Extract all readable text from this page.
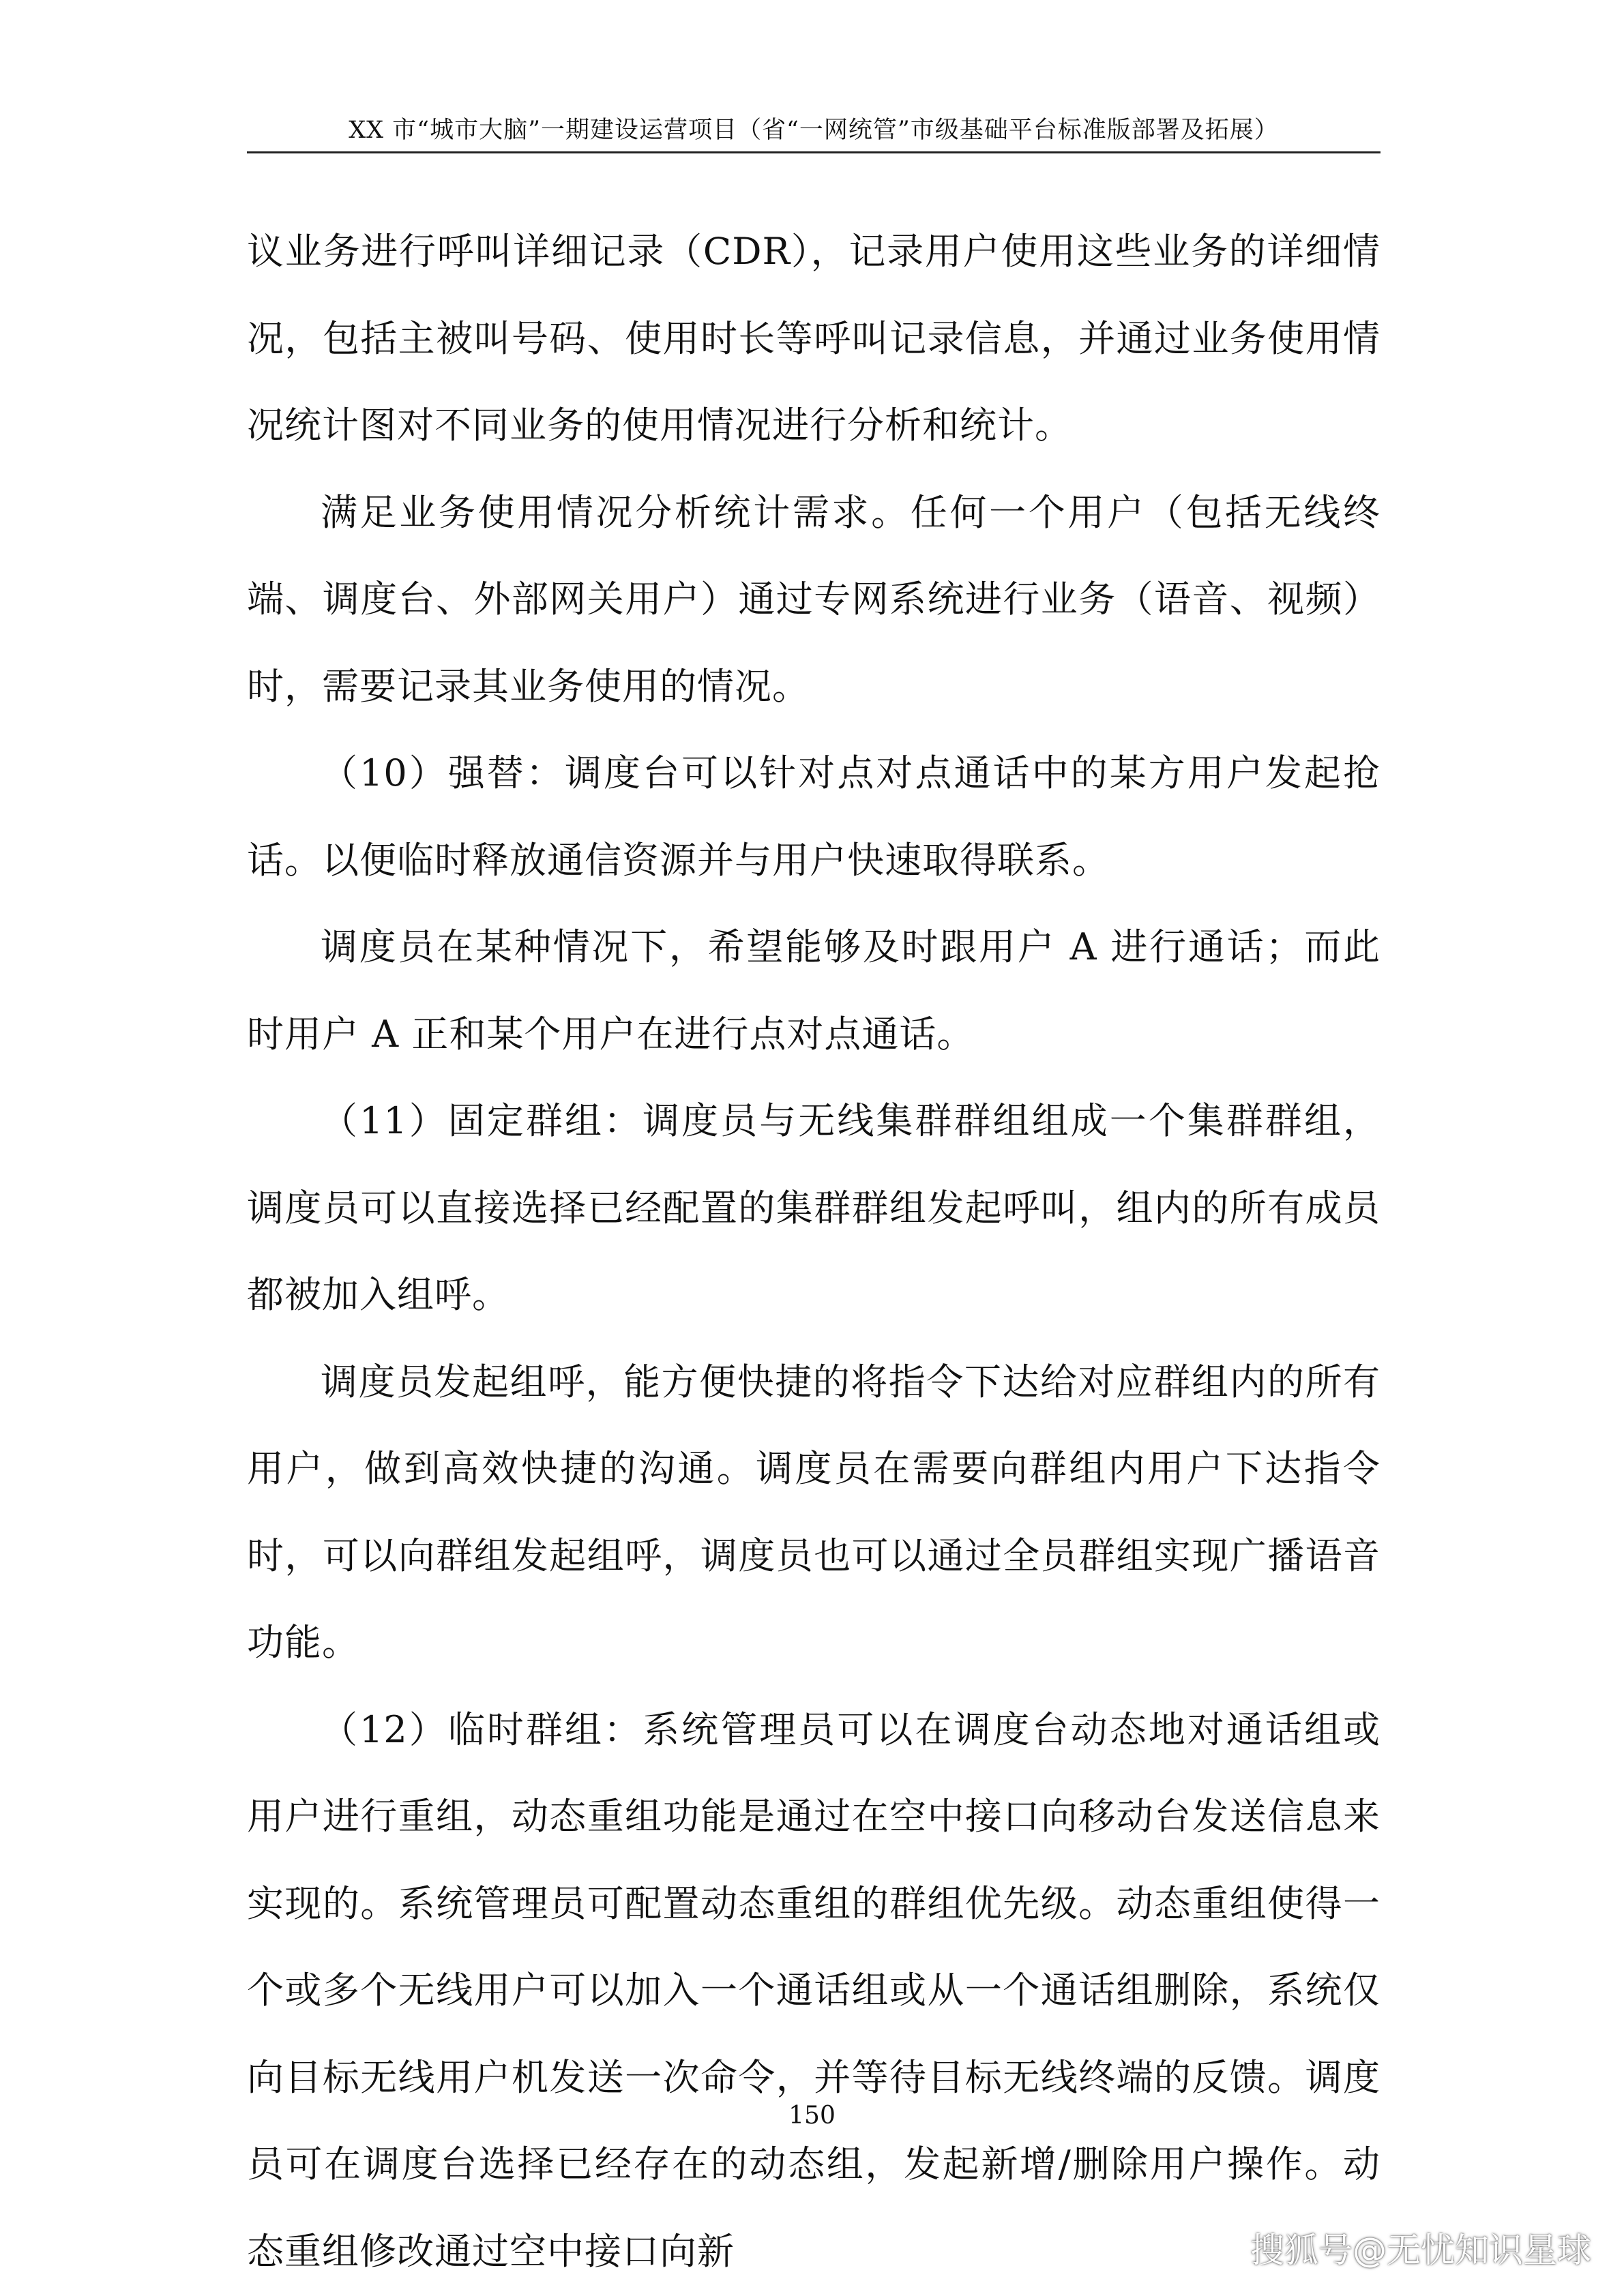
XX 市“城市大脑”一期建设运营项目（省“一网统管”市级基础平台标准版部署及拓展）

议业务进行呼叫详细记录（CDR），记录用户使用这些业务的详细情况，包括主被叫号码、使用时长等呼叫记录信息，并通过业务使用情况统计图对不同业务的使用情况进行分析和统计。

满足业务使用情况分析统计需求。任何一个用户（包括无线终端、调度台、外部网关用户）通过专网系统进行业务（语音、视频）时，需要记录其业务使用的情况。

（10）强替：调度台可以针对点对点通话中的某方用户发起抢话。以便临时释放通信资源并与用户快速取得联系。

调度员在某种情况下，希望能够及时跟用户 A 进行通话；而此时用户 A 正和某个用户在进行点对点通话。

（11）固定群组：调度员与无线集群群组组成一个集群群组，调度员可以直接选择已经配置的集群群组发起呼叫，组内的所有成员都被加入组呼。

调度员发起组呼，能方便快捷的将指令下达给对应群组内的所有用户，做到高效快捷的沟通。调度员在需要向群组内用户下达指令时，可以向群组发起组呼，调度员也可以通过全员群组实现广播语音功能。

（12）临时群组：系统管理员可以在调度台动态地对通话组或用户进行重组，动态重组功能是通过在空中接口向移动台发送信息来实现的。系统管理员可配置动态重组的群组优先级。动态重组使得一个或多个无线用户可以加入一个通话组或从一个通话组删除，系统仅向目标无线用户机发送一次命令，并等待目标无线终端的反馈。调度员可在调度台选择已经存在的动态组，发起新增/删除用户操作。动态重组修改通过空中接口向新

150
搜狐号@无忧知识星球
